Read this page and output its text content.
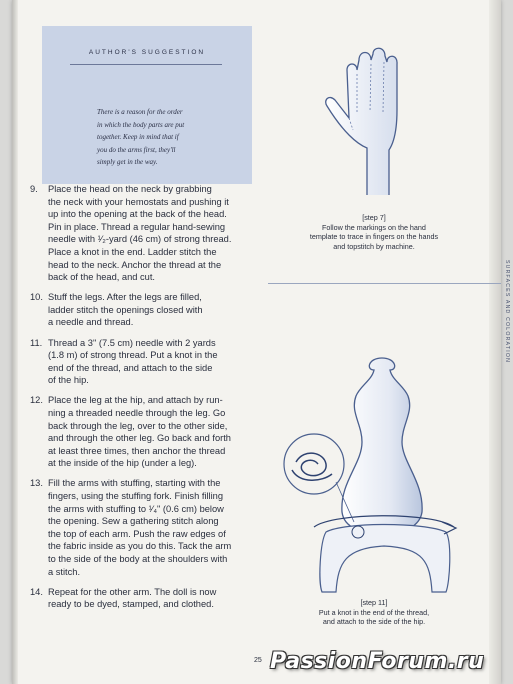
AUTHOR'S SUGGESTION
There is a reason for the order
in which the body parts are put
together. Keep in mind that if
you do the arms first, they'll
simply get in the way.
9. Place the head on the neck by grabbing
the neck with your hemostats and pushing it
up into the opening at the back of the head.
Pin in place. Thread a regular hand-sewing
needle with ¹⁄₂-yard (46 cm) of strong thread.
Place a knot in the end. Ladder stitch the
head to the neck. Anchor the thread at the
back of the head, and cut.
10. Stuff the legs. After the legs are filled,
ladder stitch the openings closed with
a needle and thread.
11. Thread a 3" (7.5 cm) needle with 2 yards
(1.8 m) of strong thread. Put a knot in the
end of the thread, and attach to the side
of the hip.
12. Place the leg at the hip, and attach by run-
ning a threaded needle through the leg. Go
back through the leg, over to the other side,
and through the other leg. Go back and forth
at least three times, then anchor the thread
at the inside of the hip (under a leg).
13. Fill the arms with stuffing, starting with the
fingers, using the stuffing fork. Finish filling
the arms with stuffing to ¹⁄₄" (0.6 cm) below
the opening. Sew a gathering stitch along
the top of each arm. Push the raw edges of
the fabric inside as you do this. Tack the arm
to the side of the body at the shoulders with
a stitch.
14. Repeat for the other arm. The doll is now
ready to be dyed, stamped, and clothed.
[step 7]
Follow the markings on the hand
template to trace in fingers on the hands
and topstitch by machine.
[step 11]
Put a knot in the end of the thread,
and attach to the side of the hip.
SURFACES AND COLORATION
25 PassionForum.ru
